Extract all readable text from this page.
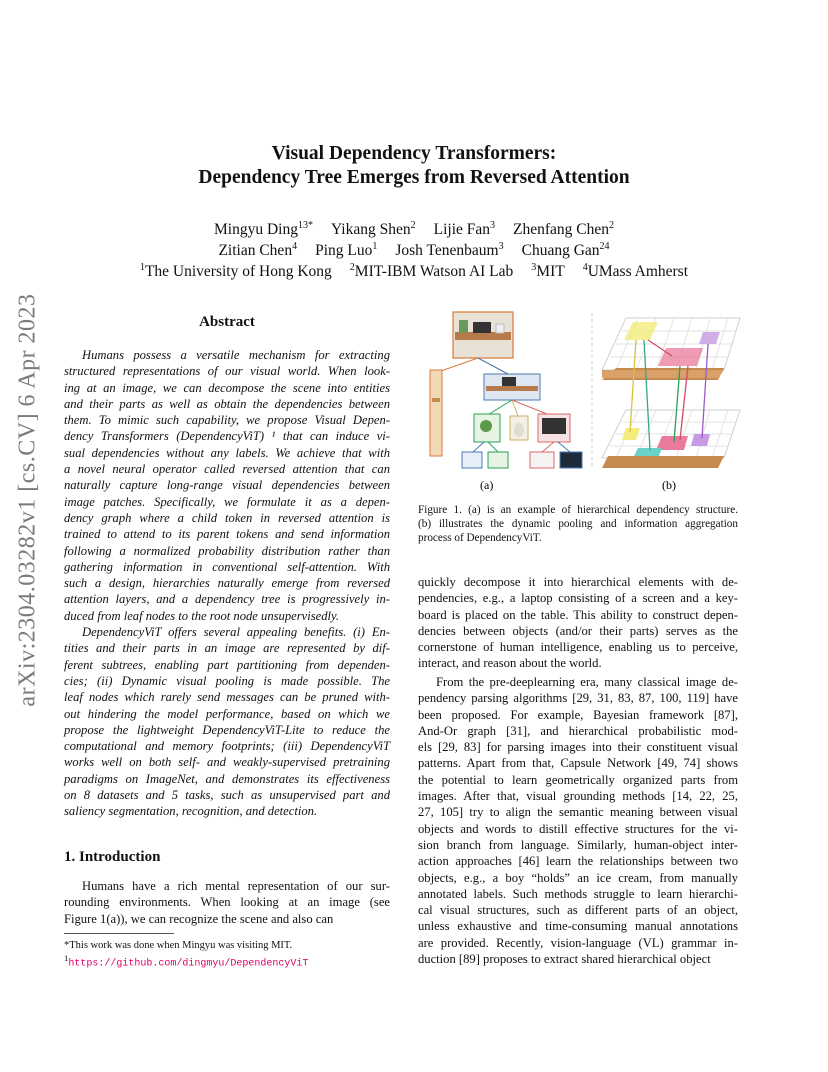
arXiv:2304.03282v1 [cs.CV] 6 Apr 2023
Visual Dependency Transformers:
Dependency Tree Emerges from Reversed Attention
Mingyu Ding$^{13*}$ Yikang Shen$^2$ Lijie Fan$^3$ Zhenfang Chen$^2$
Zitian Chen$^4$ Ping Luo$^1$ Josh Tenenbaum$^3$ Chuang Gan$^{24}$
$^1$The University of Hong Kong $^2$MIT-IBM Watson AI Lab $^3$MIT $^4$UMass Amherst
Abstract
Humans possess a versatile mechanism for extracting
structured representations of our visual world. When look-
ing at an image, we can decompose the scene into entities
and their parts as well as obtain the dependencies between
them. To mimic such capability, we propose Visual Depen-
dency Transformers (DependencyViT) ¹ that can induce vi-
sual dependencies without any labels. We achieve that with
a novel neural operator called reversed attention that can
naturally capture long-range visual dependencies between
image patches. Specifically, we formulate it as a depen-
dency graph where a child token in reversed attention is
trained to attend to its parent tokens and send information
following a normalized probability distribution rather than
gathering information in conventional self-attention. With
such a design, hierarchies naturally emerge from reversed
attention layers, and a dependency tree is progressively in-
duced from leaf nodes to the root node unsupervisedly.
DependencyViT offers several appealing benefits. (i) En-
tities and their parts in an image are represented by dif-
ferent subtrees, enabling part partitioning from dependen-
cies; (ii) Dynamic visual pooling is made possible. The
leaf nodes which rarely send messages can be pruned with-
out hindering the model performance, based on which we
propose the lightweight DependencyViT-Lite to reduce the
computational and memory footprints; (iii) DependencyViT
works well on both self- and weakly-supervised pretraining
paradigms on ImageNet, and demonstrates its effectiveness
on 8 datasets and 5 tasks, such as unsupervised part and
saliency segmentation, recognition, and detection.
1. Introduction
Humans have a rich mental representation of our sur-
rounding environments. When looking at an image (see
Figure 1(a)), we can recognize the scene and also can
*This work was done when Mingyu was visiting MIT.
$^1$https://github.com/dingmyu/DependencyViT
(a)	(b)
Figure 1. (a) is an example of hierarchical dependency structure.
(b) illustrates the dynamic pooling and information aggregation
process of DependencyViT.
quickly decompose it into hierarchical elements with de-
pendencies, e.g., a laptop consisting of a screen and a key-
board is placed on the table. This ability to construct depen-
dencies between objects (and/or their parts) serves as the
cornerstone of human intelligence, enabling us to perceive,
interact, and reason about the world.
From the pre-deeplearning era, many classical image de-
pendency parsing algorithms [29, 31, 83, 87, 100, 119] have
been proposed. For example, Bayesian framework [87],
And-Or graph [31], and hierarchical probabilistic mod-
els [29, 83] for parsing images into their constituent visual
patterns. Apart from that, Capsule Network [49, 74] shows
the potential to learn geometrically organized parts from
images. After that, visual grounding methods [14, 22, 25,
27, 105] try to align the semantic meaning between visual
objects and words to distill effective structures for the vi-
sion branch from language. Similarly, human-object inter-
action approaches [46] learn the relationships between two
objects, e.g., a boy “holds” an ice cream, from manually
annotated labels. Such methods struggle to learn hierarchi-
cal visual structures, such as different parts of an object,
unless exhaustive and time-consuming manual annotations
are provided. Recently, vision-language (VL) grammar in-
duction [89] proposes to extract shared hierarchical object
